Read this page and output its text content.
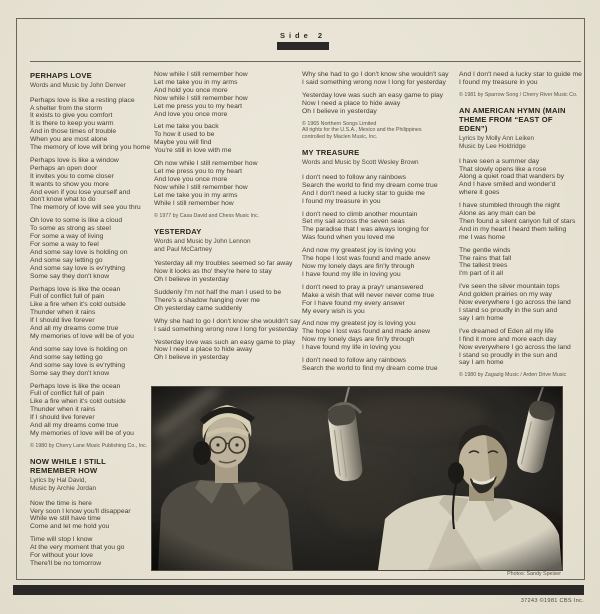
Side 2
PERHAPS LOVE
Words and Music by John Denver
Perhaps love is like a resting place
A shelter from the storm
It exists to give you comfort
It is there to keep you warm
And in those times of trouble
When you are most alone
The memory of love will bring you home
Perhaps love is like a window
Perhaps an open door
It invites you to come closer
It wants to show you more
And even if you lose yourself and
don't know what to do
The memory of love will see you thru
Oh love to some is like a cloud
To some as strong as steel
For some a way of living
For some a way to feel
And some say love is holding on
And some say letting go
And some say love is ev'rything
Some say they don't know
Perhaps love is like the ocean
Full of conflict full of pain
Like a fire when it's cold outside
Thunder when it rains
If I should live forever
And all my dreams come true
My memories of love will be of you
And some say love is holding on
And some say letting go
And some say love is ev'rything
Some say they don't know
Perhaps love is like the ocean
Full of conflict full of pain
Like a fire when it's cold outside
Thunder when it rains
If I should live forever
And all my dreams come true
My memories of love will be of you
© 1980 by Cherry Lane Music Publishing Co., Inc.
NOW WHILE I STILL REMEMBER HOW
Lyrics by Hal David,
Music by Archie Jordan
Now the time is here
Very soon I know you'll disappear
While we still have time
Come and let me hold you
Time will stop I know
At the very moment that you go
For without your love
There'll be no tomorrow
Now while I still remember how
Let me take you in my arms
And hold you once more
Now while I still remember how
Let me press you to my heart
And love you once more
Let me take you back
To how it used to be
Maybe you will find
You're still in love with me
Oh now while I still remember how
Let me press you to my heart
And love you once more
Now while I still remember how
Let me take you in my arms
While I still remember how
© 1977 by Casa David and Chess Music Inc.
YESTERDAY
Words and Music by John Lennon
and Paul McCartney
Yesterday all my troubles seemed so far away
Now it looks as tho' they're here to stay
Oh I believe in yesterday
Suddenly I'm not half the man I used to be
There's a shadow hanging over me
Oh yesterday came suddenly
Why she had to go I don't know she wouldn't say
I said something wrong now I long for yesterday
Yesterday love was such an easy game to play
Now I need a place to hide away
Oh I believe in yesterday
Why she had to go I don't know she wouldn't say
I said something wrong now I long for yesterday
Yesterday love was such an easy game to play
Now I need a place to hide away
Oh I believe in yesterday
© 1965 Northern Songs Limited
All rights for the U.S.A., Mexico and the Philippines
controlled by Maclen Music, Inc.
MY TREASURE
Words and Music by Scott Wesley Brown
I don't need to follow any rainbows
Search the world to find my dream come true
And I don't need a lucky star to guide me
I found my treasure in you
I don't need to climb another mountain
Set my sail across the seven seas
The paradise that I was always longing for
Was found when you loved me
And now my greatest joy is loving you
The hope I lost was found and made anew
Now my lonely days are fin'ly through
I have found my life in loving you
I don't need to pray a pray'r unanswered
Make a wish that will never never come true
For I have found my every answer
My every wish is you
And now my greatest joy is loving you
The hope I lost was found and made anew
Now my lonely days are fin'ly through
I have found my life in loving you
I don't need to follow any rainbows
Search the world to find my dream come true
And I don't need a lucky star to guide me
I found my treasure in you
© 1981 by Sparrow Song / Cherry River Music Co.
AN AMERICAN HYMN (MAIN THEME FROM “EAST OF EDEN”)
Lyrics by Molly Ann Leiken
Music by Lee Holdridge
I have seen a summer day
That slowly opens like a rose
Along a quiet road that wanders by
And I have smiled and wonder'd
where it goes
I have stumbled through the night
Alone as any man can be
Then found a silent canyon full of stars
And in my heart I heard them telling
me I was home
The gentle winds
The rains that fall
The tallest trees
I'm part of it all
I've seen the silver mountain tops
And golden prairies on my way
Now everywhere I go across the land
I stand so proudly in the sun and
say I am home
I've dreamed of Eden all my life
I find it more and more each day
Now everywhere I go across the land
I stand so proudly in the sun and
say I am home
© 1980 by Zagazig Music / Arden Drive Music
Photos: Sandy Speiser
37243 ©1981 CBS Inc.
